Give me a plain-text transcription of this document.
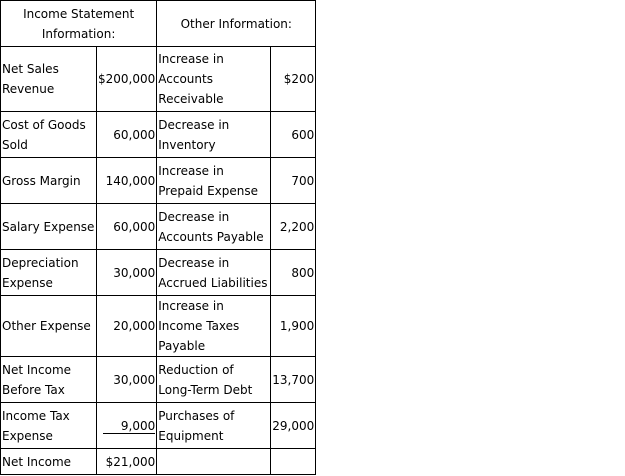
Income Statement Information:		Other Information:	
Net Sales Revenue	$200,000	Increase in Accounts Receivable	$200
Cost of Goods Sold	60,000	Decrease in Inventory	600
Gross Margin	140,000	Increase in Prepaid Expense	700
Salary Expense	60,000	Decrease in Accounts Payable	2,200
Depreciation Expense	30,000	Decrease in Accrued Liabilities	800
Other Expense	20,000	Increase in Income Taxes Payable	1,900
Net Income Before Tax	30,000	Reduction of Long-Term Debt	13,700
Income Tax Expense	9,000	Purchases of Equipment	29,000
Net Income	$21,000		
